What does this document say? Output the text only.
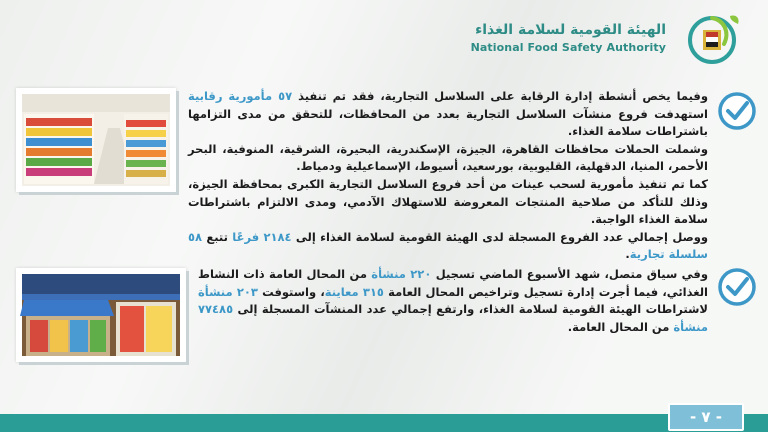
الهيئة القومية لسلامة الغذاء
National Food Safety Authority

وفيما يخص أنشطة إدارة الرقابة على السلاسل التجارية، فقد تم تنفيذ ٥٧ مأمورية رقابية استهدفت فروع منشآت السلاسل التجارية بعدد من المحافظات، للتحقق من مدى التزامها باشتراطات سلامة الغذاء.

وشملت الحملات محافظات القاهرة، الجيزة، الإسكندرية، البحيرة، الشرقية، المنوفية، البحر الأحمر، المنيا، الدقهلية، القليوبية، بورسعيد، أسيوط، الإسماعيلية ودمياط.

كما تم تنفيذ مأمورية لسحب عينات من أحد فروع السلاسل التجارية الكبرى بمحافظة الجيزة، وذلك للتأكد من صلاحية المنتجات المعروضة للاستهلاك الآدمي، ومدى الالتزام باشتراطات سلامة الغذاء الواجبة.

ووصل إجمالي عدد الفروع المسجلة لدى الهيئة القومية لسلامة الغذاء إلى ٢١٨٤ فرعًا تتبع ٥٨ سلسلة تجارية.

وفي سياق متصل، شهد الأسبوع الماضي تسجيل ٢٢٠ منشأة من المحال العامة ذات النشاط الغذائي، فيما أجرت إدارة تسجيل وتراخيص المحال العامة ٣١٥ معاينة، واستوفت ٢٠٣ منشأة لاشتراطات الهيئة القومية لسلامة الغذاء، وارتفع إجمالي عدد المنشآت المسجلة إلى ٧٧٤٨٥ منشأة من المحال العامة.

- ٧ -
